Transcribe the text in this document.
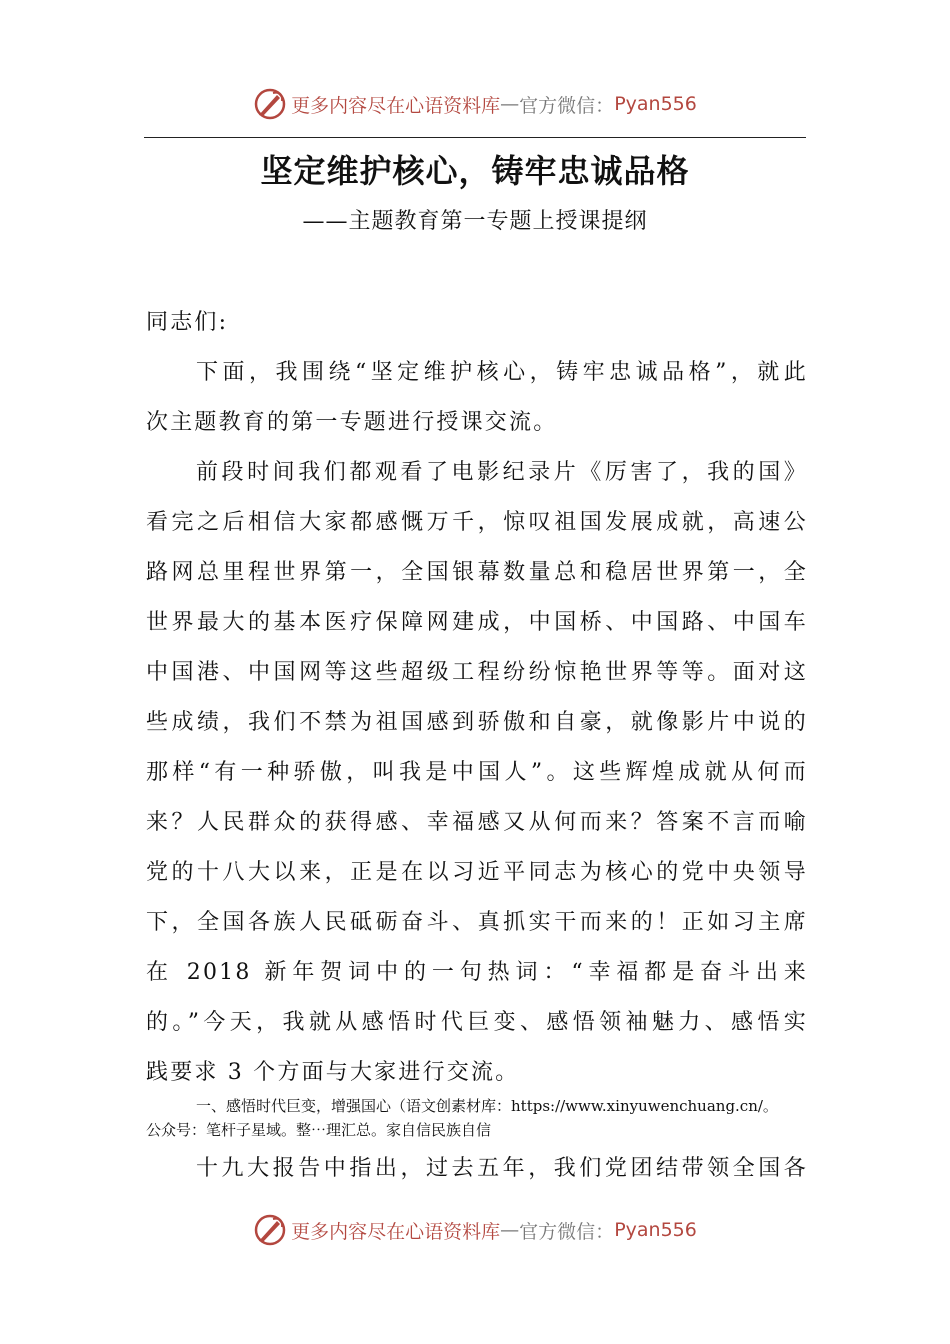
更多内容尽在心语资料库 — 官方微信： Pyan556
坚定维护核心，铸牢忠诚品格
——主题教育第一专题上授课提纲
同志们:
下面，我围绕“坚定维护核心，铸牢忠诚品格”，就此
次主题教育的第一专题进行授课交流。
前段时间我们都观看了电影纪录片《厉害了，我的国》
看完之后相信大家都感慨万千，惊叹祖国发展成就，高速公
路网总里程世界第一，全国银幕数量总和稳居世界第一，全
世界最大的基本医疗保障网建成，中国桥、中国路、中国车
中国港、中国网等这些超级工程纷纷惊艳世界等等。面对这
些成绩，我们不禁为祖国感到骄傲和自豪，就像影片中说的
那样“有一种骄傲，叫我是中国人”。这些辉煌成就从何而
来？人民群众的获得感、幸福感又从何而来？答案不言而喻
党的十八大以来，正是在以习近平同志为核心的党中央领导
下，全国各族人民砥砺奋斗、真抓实干而来的！正如习主席
在 2018 新年贺词中的一句热词：“幸福都是奋斗出来
的。”今天，我就从感悟时代巨变、感悟领袖魅力、感悟实
践要求 3 个方面与大家进行交流。
一、感悟时代巨变，增强国心（语文创素材库：https://www.xinyuwenchuang.cn/。
公众号：笔杆子星域。整⋯理汇总。家自信民族自信
十九大报告中指出，过去五年，我们党团结带领全国各
更多内容尽在心语资料库 — 官方微信： Pyan556
